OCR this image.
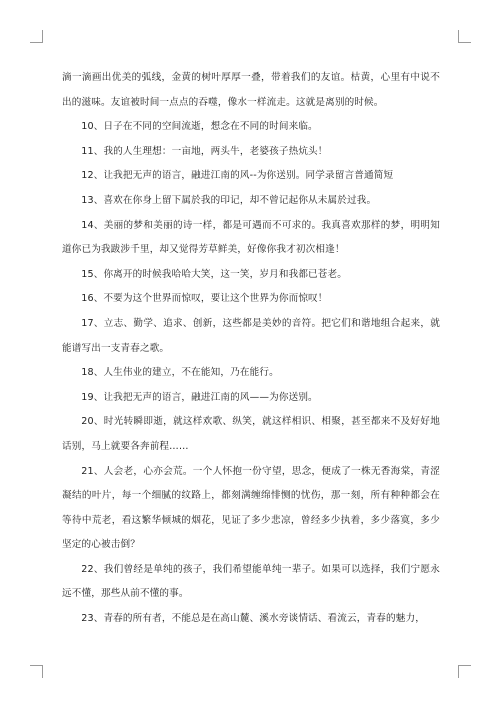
滴一滴画出优美的弧线，金黄的树叶厚厚一叠，带着我们的友谊。枯黄，心里有中说不出的滋味。友谊被时间一点点的吞噬，像水一样流走。这就是离别的时候。

10、日子在不同的空间流逝，想念在不同的时间来临。

11、我的人生理想：一亩地，两头牛，老婆孩子热炕头！

12、让我把无声的语言，融进江南的风--为你送别。同学录留言普通简短

13、喜欢在你身上留下属於我的印记，却不曾记起你从未属於过我。

14、美丽的梦和美丽的诗一样，都是可遇而不可求的。我真喜欢那样的梦，明明知道你已为我跋涉千里，却又觉得芳草鲜美，好像你我才初次相逢！

15、你离开的时候我哈哈大笑，这一笑，岁月和我都已苍老。

16、不要为这个世界而惊叹，要让这个世界为你而惊叹！

17、立志、勤学、追求、创新，这些都是美妙的音符。把它们和谐地组合起来，就能谱写出一支青春之歌。

18、人生伟业的建立，不在能知，乃在能行。

19、让我把无声的语言，融进江南的风——为你送别。

20、时光转瞬即逝，就这样欢歌、纵笑，就这样相识、相聚，甚至都来不及好好地话别，马上就要各奔前程……

21、人会老，心亦会荒。一个人怀抱一份守望，思念，便成了一株无香海棠，青涩凝结的叶片，每一个细腻的纹路上，都刻满缠绵悱恻的忧伤，那一刻，所有种种都会在等待中荒老，看这繁华倾城的烟花，见证了多少悲凉，曾经多少执着，多少落寞，多少坚定的心被击倒？

22、我们曾经是单纯的孩子，我们希望能单纯一辈子。如果可以选择，我们宁愿永远不懂，那些从前不懂的事。

23、青春的所有者，不能总是在高山麓、溪水旁谈情话、看流云，青春的魅力，
